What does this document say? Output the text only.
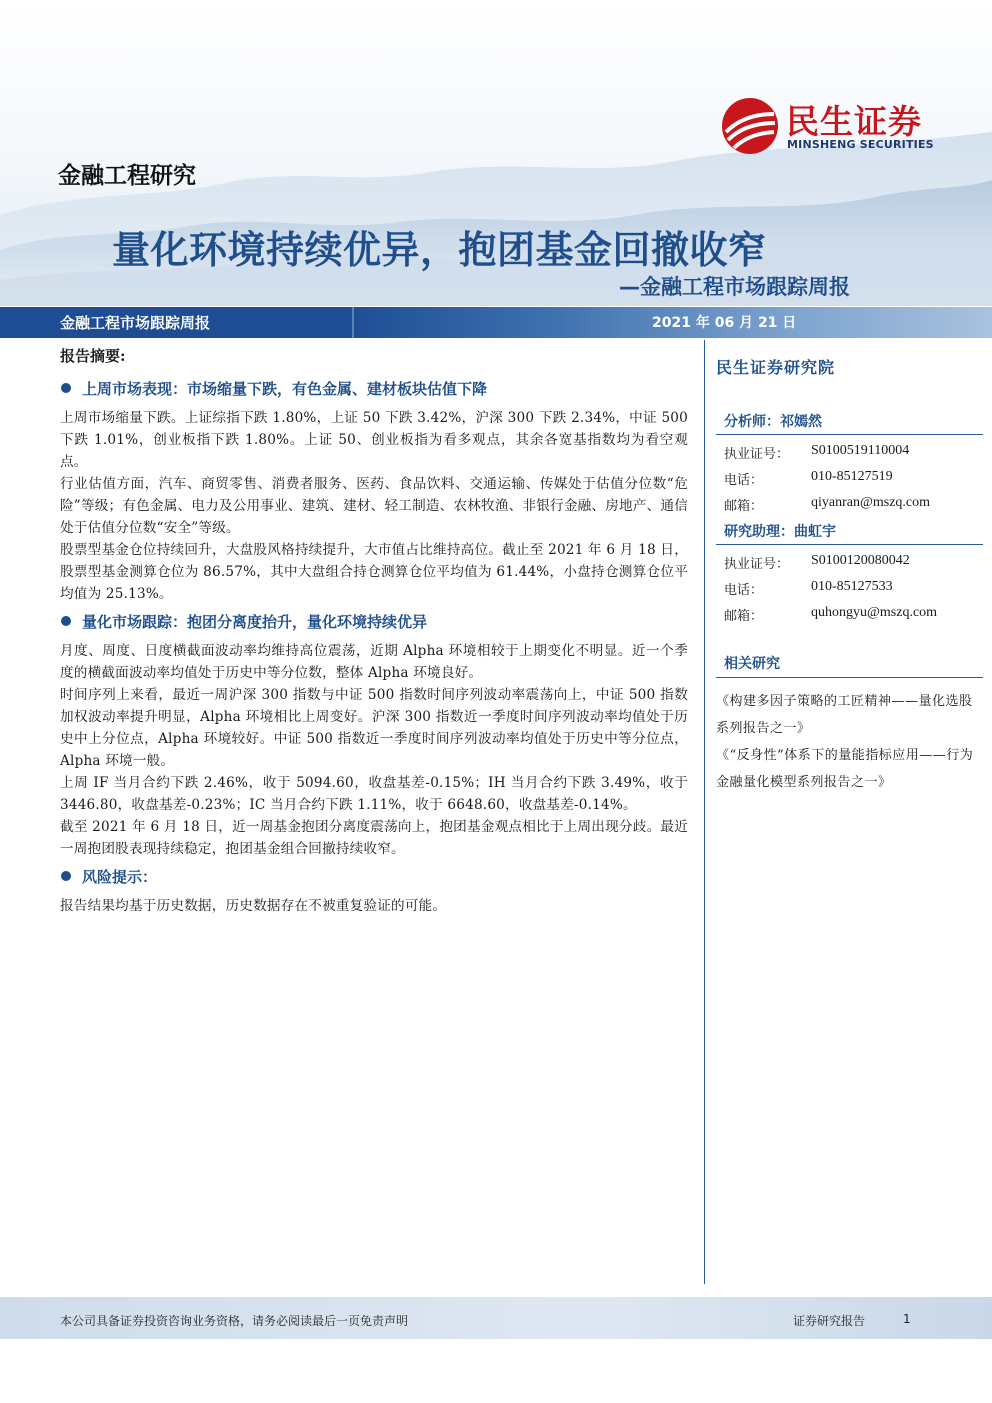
民生证券
MINSHENG SECURITIES
金融工程研究
量化环境持续优异，抱团基金回撤收窄
—金融工程市场跟踪周报
金融工程市场跟踪周报	2021 年 06 月 21 日
报告摘要:
上周市场表现：市场缩量下跌，有色金属、建材板块估值下降

上周市场缩量下跌。上证综指下跌 1.80%，上证 50 下跌 3.42%，沪深 300 下跌 2.34%，中证 500 下跌 1.01%，创业板指下跌 1.80%。上证 50、创业板指为看多观点，其余各宽基指数均为看空观点。

行业估值方面，汽车、商贸零售、消费者服务、医药、食品饮料、交通运输、传媒处于估值分位数“危险”等级；有色金属、电力及公用事业、建筑、建材、轻工制造、农林牧渔、非银行金融、房地产、通信处于估值分位数“安全”等级。

股票型基金仓位持续回升，大盘股风格持续提升，大市值占比维持高位。截止至 2021 年 6 月 18 日，股票型基金测算仓位为 86.57%，其中大盘组合持仓测算仓位平均值为 61.44%，小盘持仓测算仓位平均值为 25.13%。

量化市场跟踪：抱团分离度抬升，量化环境持续优异

月度、周度、日度横截面波动率均维持高位震荡，近期 Alpha 环境相较于上期变化不明显。近一个季度的横截面波动率均值处于历史中等分位数，整体 Alpha 环境良好。

时间序列上来看，最近一周沪深 300 指数与中证 500 指数时间序列波动率震荡向上，中证 500 指数加权波动率提升明显，Alpha 环境相比上周变好。沪深 300 指数近一季度时间序列波动率均值处于历史中上分位点，Alpha 环境较好。中证 500 指数近一季度时间序列波动率均值处于历史中等分位点，Alpha 环境一般。

上周 IF 当月合约下跌 2.46%，收于 5094.60，收盘基差-0.15%；IH 当月合约下跌 3.49%，收于 3446.80，收盘基差-0.23%；IC 当月合约下跌 1.11%，收于 6648.60，收盘基差-0.14%。

截至 2021 年 6 月 18 日，近一周基金抱团分离度震荡向上，抱团基金观点相比于上周出现分歧。最近一周抱团股表现持续稳定，抱团基金组合回撤持续收窄。

风险提示：

报告结果均基于历史数据，历史数据存在不被重复验证的可能。

民生证券研究院
分析师：祁嫣然
执业证号： S0100519110004
电话：	010-85127519
邮箱：	qiyanran@mszq.com
研究助理：曲虹宇
执业证号： S0100120080042
电话：	010-85127533
邮箱：	quhongyu@mszq.com
相关研究
《构建多因子策略的工匠精神——量化选股系列报告之一》
《“反身性”体系下的量能指标应用——行为金融量化模型系列报告之一》
本公司具备证券投资咨询业务资格，请务必阅读最后一页免责声明	证券研究报告	1
